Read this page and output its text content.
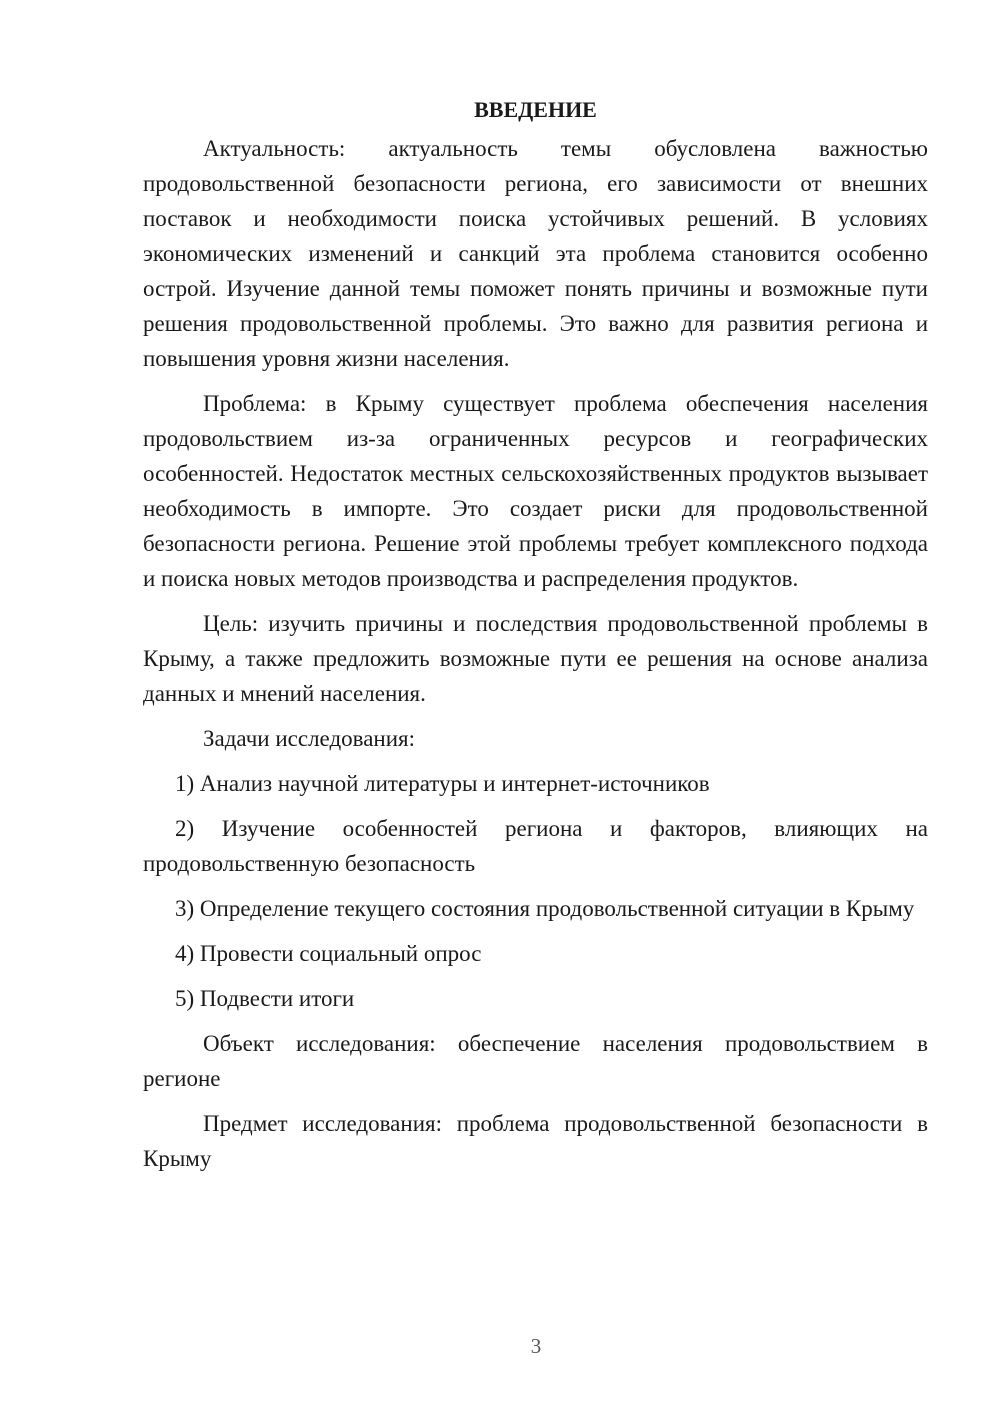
ВВЕДЕНИЕ

Актуальность: актуальность темы обусловлена важностью продовольственной безопасности региона, его зависимости от внешних поставок и необходимости поиска устойчивых решений. В условиях экономических изменений и санкций эта проблема становится особенно острой. Изучение данной темы поможет понять причины и возможные пути решения продовольственной проблемы. Это важно для развития региона и повышения уровня жизни населения.

Проблема: в Крыму существует проблема обеспечения населения продовольствием из-за ограниченных ресурсов и географических особенностей. Недостаток местных сельскохозяйственных продуктов вызывает необходимость в импорте. Это создает риски для продовольственной безопасности региона. Решение этой проблемы требует комплексного подхода и поиска новых методов производства и распределения продуктов.

Цель: изучить причины и последствия продовольственной проблемы в Крыму, а также предложить возможные пути ее решения на основе анализа данных и мнений населения.

Задачи исследования:

1) Анализ научной литературы и интернет-источников

2) Изучение особенностей региона и факторов, влияющих на продовольственную безопасность

3) Определение текущего состояния продовольственной ситуации в Крыму

4) Провести социальный опрос

5) Подвести итоги

Объект исследования: обеспечение населения продовольствием в регионе

Предмет исследования: проблема продовольственной безопасности в Крыму

3
